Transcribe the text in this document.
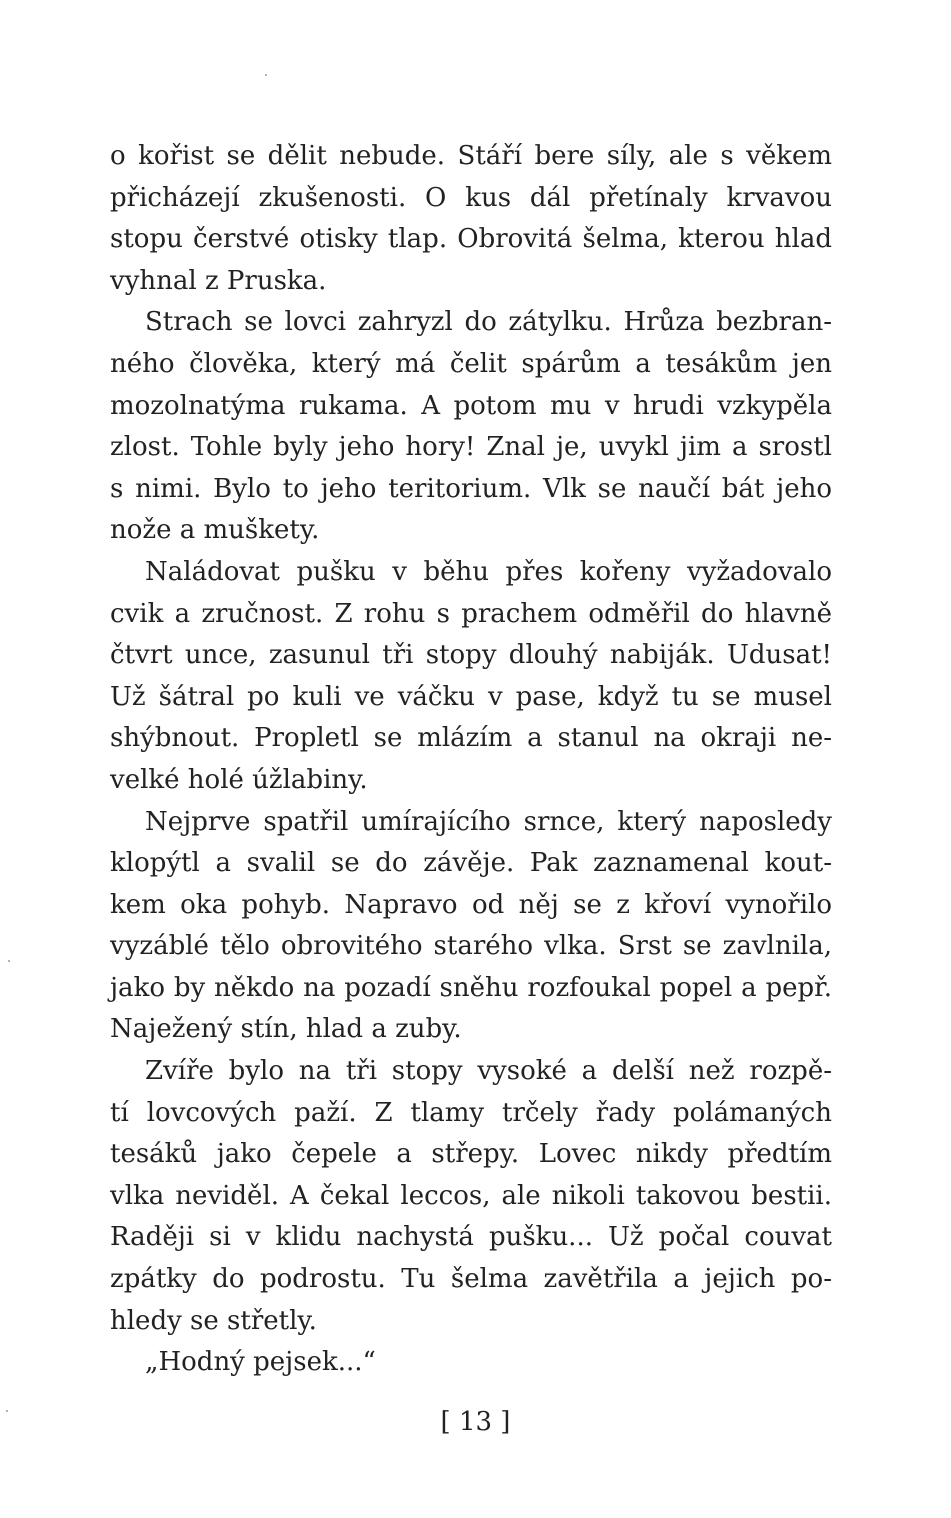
o kořist se dělit nebude. Stáří bere síly, ale s věkem
přicházejí zkušenosti. O kus dál přetínaly krvavou
stopu čerstvé otisky tlap. Obrovitá šelma, kterou hlad
vyhnal z Pruska.
Strach se lovci zahryzl do zátylku. Hrůza bezbran-
ného člověka, který má čelit spárům a tesákům jen
mozolnatýma rukama. A potom mu v hrudi vzkypěla
zlost. Tohle byly jeho hory! Znal je, uvykl jim a srostl
s nimi. Bylo to jeho teritorium. Vlk se naučí bát jeho
nože a muškety.
Naládovat pušku v běhu přes kořeny vyžadovalo
cvik a zručnost. Z rohu s prachem odměřil do hlavně
čtvrt unce, zasunul tři stopy dlouhý nabiják. Udusat!
Už šátral po kuli ve váčku v pase, když tu se musel
shýbnout. Propletl se mlázím a stanul na okraji ne-
velké holé úžlabiny.
Nejprve spatřil umírajícího srnce, který naposledy
klopýtl a svalil se do závěje. Pak zaznamenal kout-
kem oka pohyb. Napravo od něj se z křoví vynořilo
vyzáblé tělo obrovitého starého vlka. Srst se zavlnila,
jako by někdo na pozadí sněhu rozfoukal popel a pepř.
Naježený stín, hlad a zuby.
Zvíře bylo na tři stopy vysoké a delší než rozpě-
tí lovcových paží. Z tlamy trčely řady polámaných
tesáků jako čepele a střepy. Lovec nikdy předtím
vlka neviděl. A čekal leccos, ale nikoli takovou bestii.
Raději si v klidu nachystá pušku... Už počal couvat
zpátky do podrostu. Tu šelma zavětřila a jejich po-
hledy se střetly.
„Hodný pejsek...“
[ 13 ]
